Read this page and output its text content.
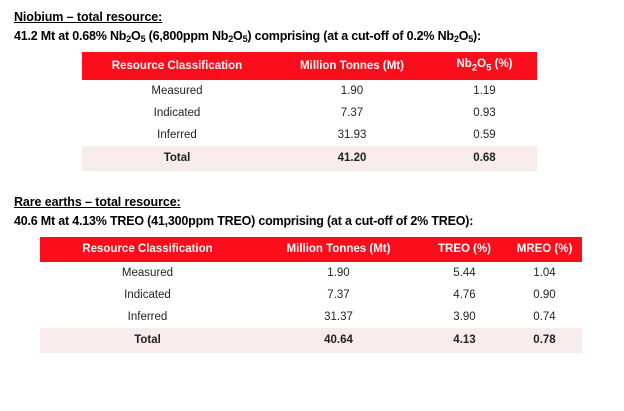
Niobium – total resource:
41.2 Mt at 0.68% $Nb_2O_5$ (6,800ppm $Nb_2O_5$) comprising (at a cut-off of 0.2% $Nb_2O_5$):
Resource Classification	Million Tonnes (Mt)	$Nb_2O_5$ (%)
Measured	1.90	1.19
Indicated	7.37	0.93
Inferred	31.93	0.59
Total	41.20	0.68
Rare earths – total resource:
40.6 Mt at 4.13% TREO (41,300ppm TREO) comprising (at a cut-off of 2% TREO):
Resource Classification	Million Tonnes (Mt)	TREO (%)	MREO (%)
Measured	1.90	5.44	1.04
Indicated	7.37	4.76	0.90
Inferred	31.37	3.90	0.74
Total	40.64	4.13	0.78
